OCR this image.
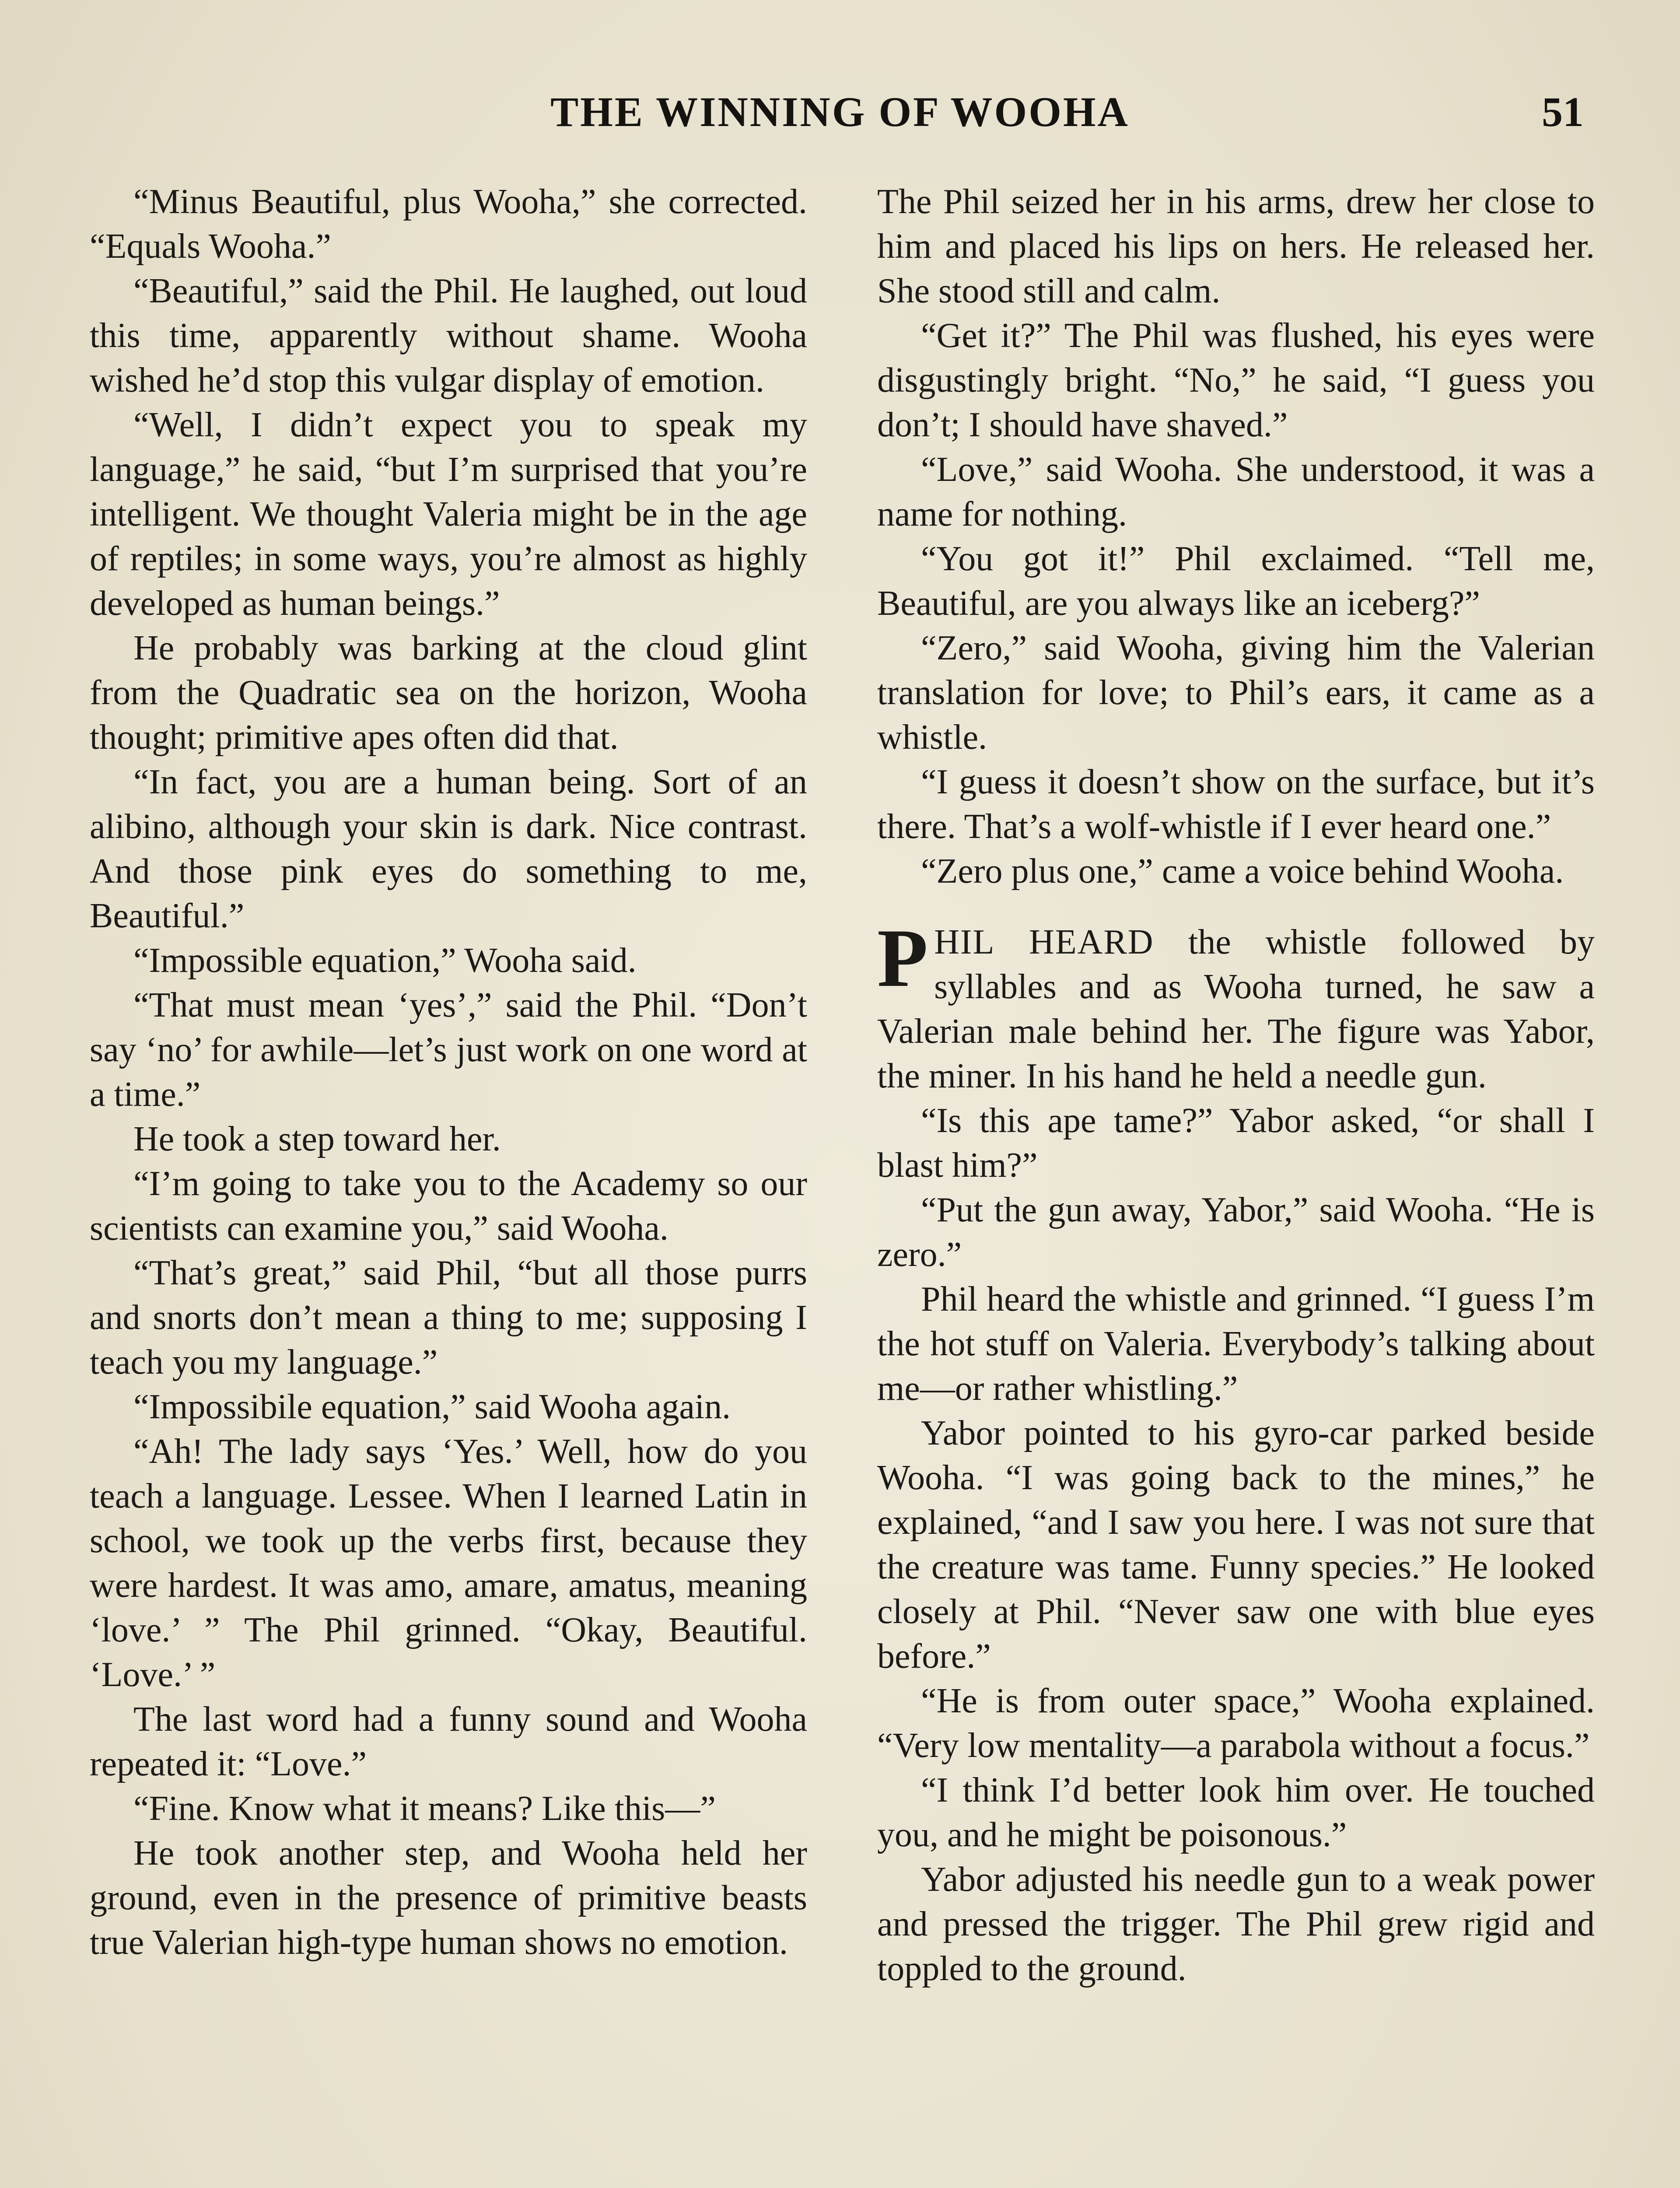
THE WINNING OF WOOHA	51

“Minus Beautiful, plus Wooha,” she corrected. “Equals Wooha.”

“Beautiful,” said the Phil. He laughed, out loud this time, apparently without shame. Wooha wished he’d stop this vulgar display of emotion.

“Well, I didn’t expect you to speak my language,” he said, “but I’m surprised that you’re intelligent. We thought Valeria might be in the age of reptiles; in some ways, you’re almost as highly developed as human beings.”

He probably was barking at the cloud glint from the Quadratic sea on the horizon, Wooha thought; primitive apes often did that.

“In fact, you are a human being. Sort of an alibino, although your skin is dark. Nice contrast. And those pink eyes do something to me, Beautiful.”

“Impossible equation,” Wooha said.

“That must mean ‘yes’,” said the Phil. “Don’t say ‘no’ for awhile—let’s just work on one word at a time.”

He took a step toward her.

“I’m going to take you to the Academy so our scientists can examine you,” said Wooha.

“That’s great,” said Phil, “but all those purrs and snorts don’t mean a thing to me; supposing I teach you my language.”

“Impossibile equation,” said Wooha again.

“Ah! The lady says ‘Yes.’ Well, how do you teach a language. Lessee. When I learned Latin in school, we took up the verbs first, because they were hardest. It was amo, amare, amatus, meaning ‘love.’ ” The Phil grinned. “Okay, Beautiful. ‘Love.’ ”

The last word had a funny sound and Wooha repeated it: “Love.”

“Fine. Know what it means? Like this—”

He took another step, and Wooha held her ground, even in the presence of primitive beasts true Valerian high-type human shows no emotion.

The Phil seized her in his arms, drew her close to him and placed his lips on hers. He released her. She stood still and calm.

“Get it?” The Phil was flushed, his eyes were disgustingly bright. “No,” he said, “I guess you don’t; I should have shaved.”

“Love,” said Wooha. She understood, it was a name for nothing.

“You got it!” Phil exclaimed. “Tell me, Beautiful, are you always like an iceberg?”

“Zero,” said Wooha, giving him the Valerian translation for love; to Phil’s ears, it came as a whistle.

“I guess it doesn’t show on the surface, but it’s there. That’s a wolf-whistle if I ever heard one.”

“Zero plus one,” came a voice behind Wooha.

PHIL HEARD the whistle followed by syllables and as Wooha turned, he saw a Valerian male behind her. The figure was Yabor, the miner. In his hand he held a needle gun.

“Is this ape tame?” Yabor asked, “or shall I blast him?”

“Put the gun away, Yabor,” said Wooha. “He is zero.”

Phil heard the whistle and grinned. “I guess I’m the hot stuff on Valeria. Everybody’s talking about me—or rather whistling.”

Yabor pointed to his gyro-car parked beside Wooha. “I was going back to the mines,” he explained, “and I saw you here. I was not sure that the creature was tame. Funny species.” He looked closely at Phil. “Never saw one with blue eyes before.”

“He is from outer space,” Wooha explained. “Very low mentality—a parabola without a focus.”

“I think I’d better look him over. He touched you, and he might be poisonous.”

Yabor adjusted his needle gun to a weak power and pressed the trigger. The Phil grew rigid and toppled to the ground.
